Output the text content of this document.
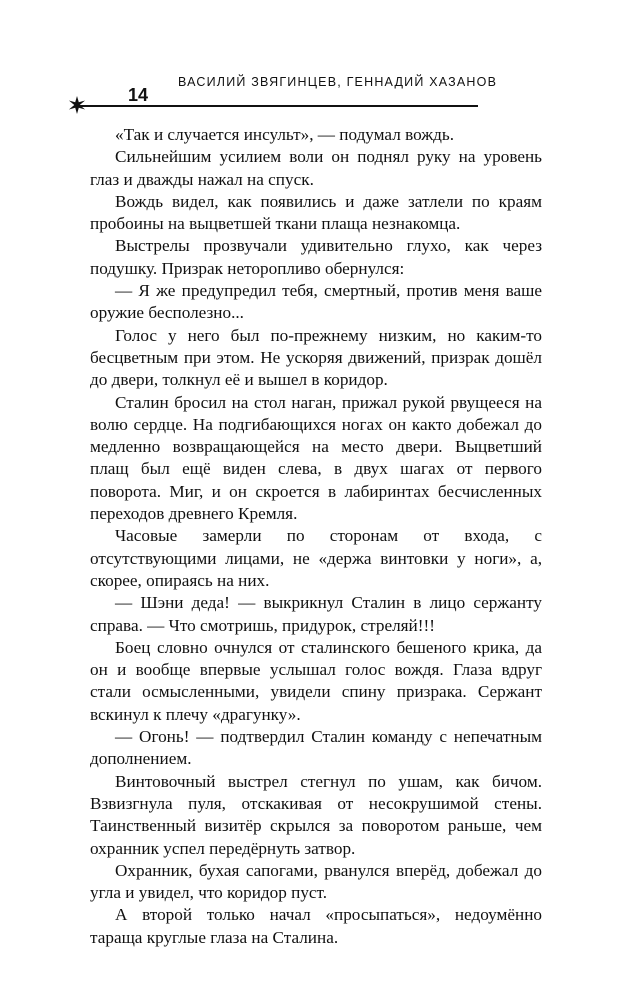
ВАСИЛИЙ ЗВЯГИНЦЕВ, ГЕННАДИЙ ХАЗАНОВ
14

«Так и случается инсульт», — подумал вождь.

Сильнейшим усилием воли он поднял руку на уровень глаз и дважды нажал на спуск.

Вождь видел, как появились и даже затлели по краям пробоины на выцветшей ткани плаща незнакомца.

Выстрелы прозвучали удивительно глухо, как через подушку. Призрак неторопливо обернулся:

— Я же предупредил тебя, смертный, против меня ваше оружие бесполезно...

Голос у него был по-прежнему низким, но каким-то бесцветным при этом. Не ускоряя движений, призрак дошёл до двери, толкнул её и вышел в коридор.

Сталин бросил на стол наган, прижал рукой рвущееся на волю сердце. На подгибающихся ногах он както добежал до медленно возвращающейся на место двери. Выцветший плащ был ещё виден слева, в двух шагах от первого поворота. Миг, и он скроется в лабиринтах бесчисленных переходов древнего Кремля.

Часовые замерли по сторонам от входа, с отсутствующими лицами, не «держа винтовки у ноги», а, скорее, опираясь на них.

— Шэни деда! — выкрикнул Сталин в лицо сержанту справа. — Что смотришь, придурок, стреляй!!!

Боец словно очнулся от сталинского бешеного крика, да он и вообще впервые услышал голос вождя. Глаза вдруг стали осмысленными, увидели спину призрака. Сержант вскинул к плечу «драгунку».

— Огонь! — подтвердил Сталин команду с непечатным дополнением.

Винтовочный выстрел стегнул по ушам, как бичом. Взвизгнула пуля, отскакивая от несокрушимой стены. Таинственный визитёр скрылся за поворотом раньше, чем охранник успел передёрнуть затвор.

Охранник, бухая сапогами, рванулся вперёд, добежал до угла и увидел, что коридор пуст.

А второй только начал «просыпаться», недоумённо тараща круглые глаза на Сталина.
